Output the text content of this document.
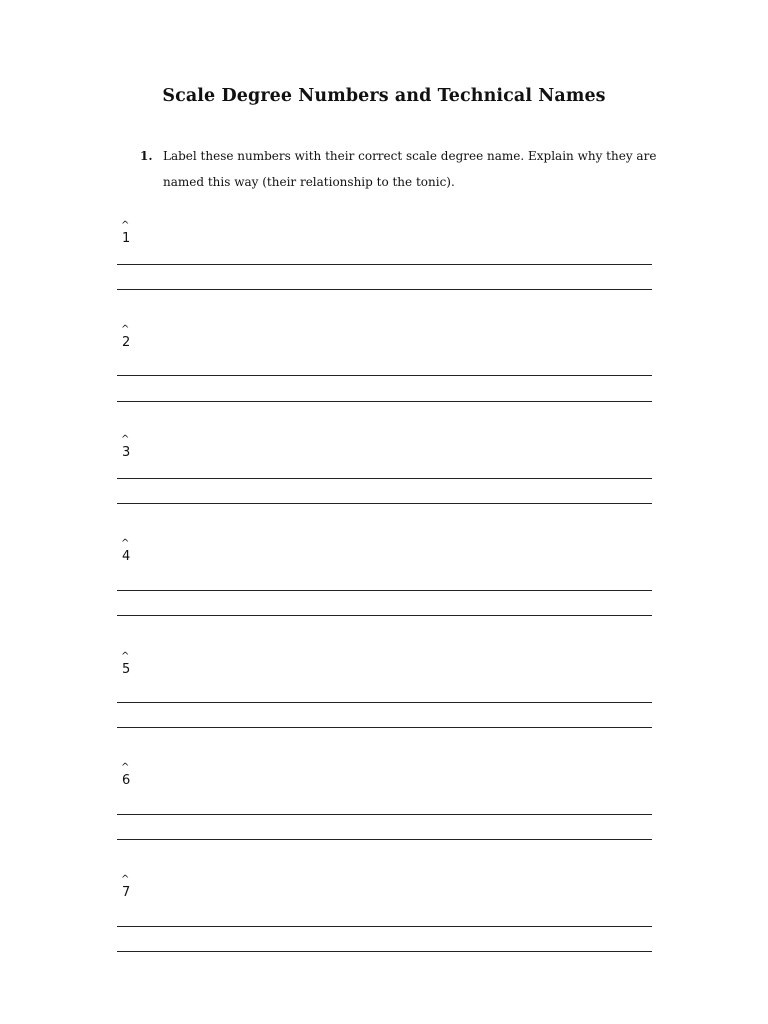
Scale Degree Numbers and Technical Names
1. Label these numbers with their correct scale degree name. Explain why they are named this way (their relationship to the tonic).
^
1
^
2
^
3
^
4
^
5
^
6
^
7
